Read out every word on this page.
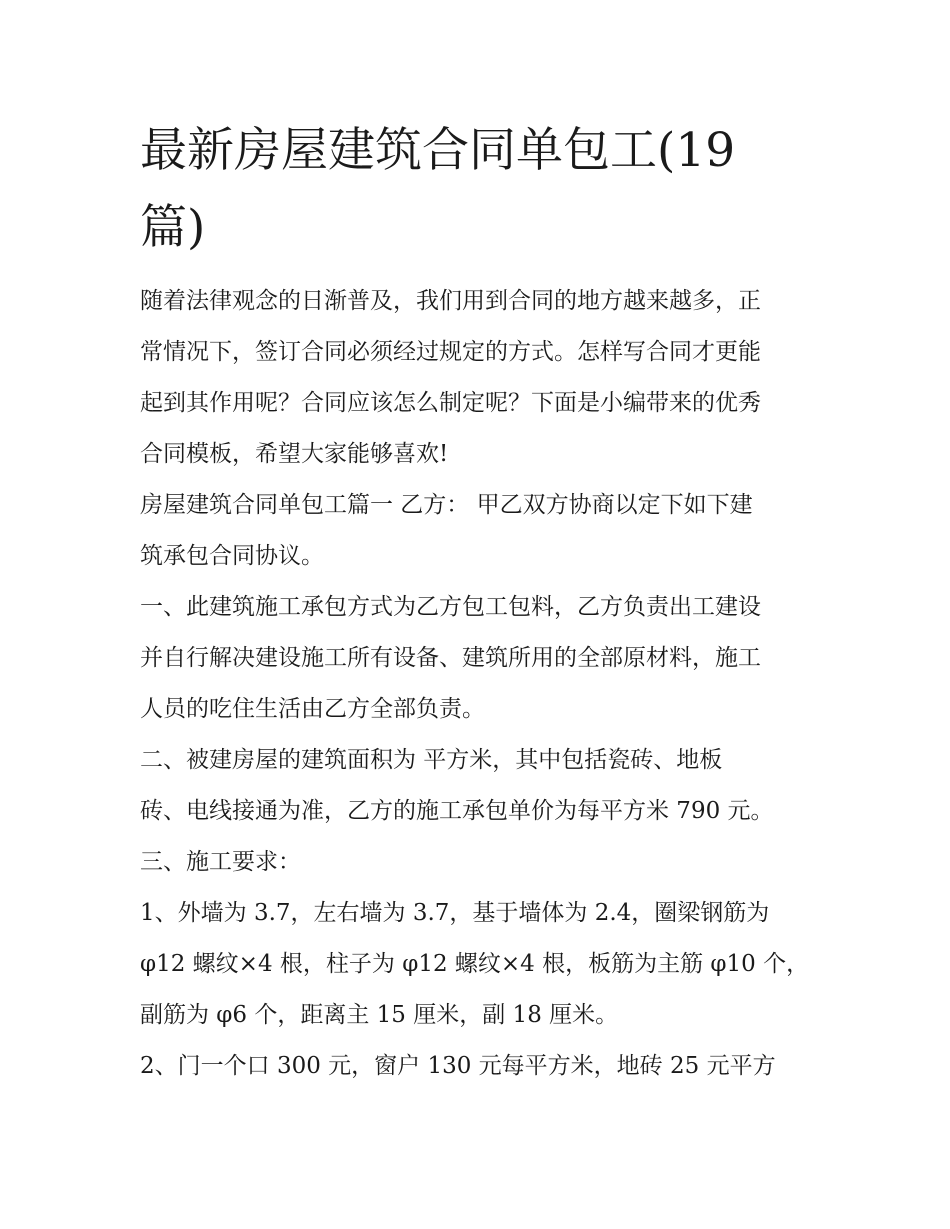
最新房屋建筑合同单包工(19
篇)
随着法律观念的日渐普及，我们用到合同的地方越来越多，正
常情况下，签订合同必须经过规定的方式。怎样写合同才更能
起到其作用呢？合同应该怎么制定呢？下面是小编带来的优秀
合同模板，希望大家能够喜欢!
房屋建筑合同单包工篇一 乙方： 甲乙双方协商以定下如下建
筑承包合同协议。
一、此建筑施工承包方式为乙方包工包料，乙方负责出工建设
并自行解决建设施工所有设备、建筑所用的全部原材料，施工
人员的吃住生活由乙方全部负责。
二、被建房屋的建筑面积为 平方米，其中包括瓷砖、地板
砖、电线接通为准，乙方的施工承包单价为每平方米 790 元。
三、施工要求：
1、外墙为 3.7，左右墙为 3.7，基于墙体为 2.4，圈梁钢筋为
φ12 螺纹×4 根，柱子为 φ12 螺纹×4 根，板筋为主筋 φ10 个，
副筋为 φ6 个，距离主 15 厘米，副 18 厘米。
2、门一个口 300 元，窗户 130 元每平方米，地砖 25 元平方
